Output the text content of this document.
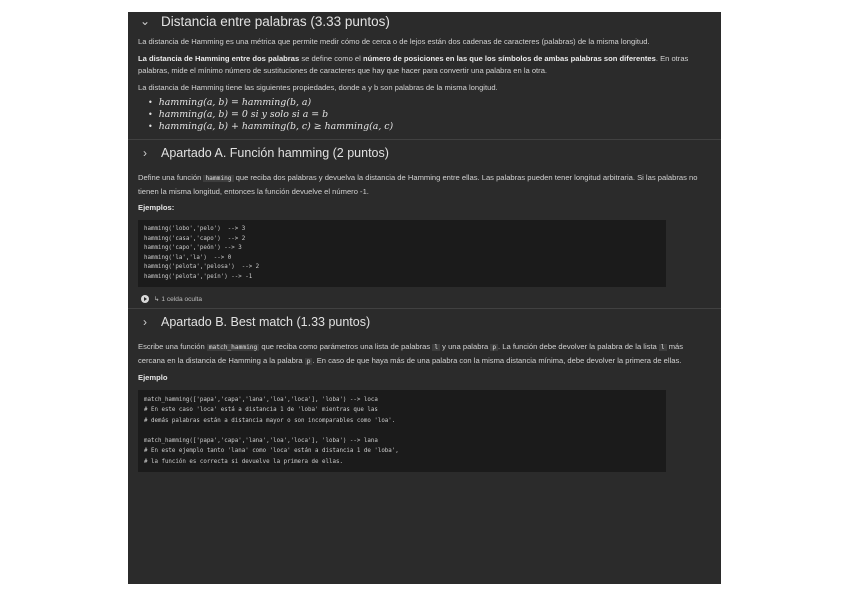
⌄ Distancia entre palabras (3.33 puntos)

La distancia de Hamming es una métrica que permite medir cómo de cerca o de lejos están dos cadenas de caracteres (palabras) de la misma longitud.

La distancia de Hamming entre dos palabras se define como el número de posiciones en las que los símbolos de ambas palabras son diferentes. En otras palabras, mide el mínimo número de sustituciones de caracteres que hay que hacer para convertir una palabra en la otra.

La distancia de Hamming tiene las siguientes propiedades, donde a y b son palabras de la misma longitud.

• hamming(a, b) = hamming(b, a)
• hamming(a, b) = 0 si y solo si a = b
• hamming(a, b) + hamming(b, c) ≥ hamming(a, c)
›	Apartado A. Función hamming (2 puntos)

Define una función hamming que reciba dos palabras y devuelva la distancia de Hamming entre ellas. Las palabras pueden tener longitud arbitraria. Si las palabras no tienen la misma longitud, entonces la función devuelve el número -1.

Ejemplos:
hamming('lobo','pelo')  --> 3
hamming('casa','capo')  --> 2
hamming('capo','peón') --> 3
hamming('la','la')  --> 0
hamming('pelota','pelosa')  --> 2
hamming('pelota','peín') --> -1
↳ 1 celda oculta
›	Apartado B. Best match (1.33 puntos)

Escribe una función match_hamming que reciba como parámetros una lista de palabras l y una palabra p . La función debe devolver la palabra de la lista l más cercana en la distancia de Hamming a la palabra p . En caso de que haya más de una palabra con la misma distancia mínima, debe devolver la primera de ellas.

Ejemplo
match_hamming(['papa','capa','lana','loa','loca'], 'loba') --> loca
# En este caso 'loca' está a distancia 1 de 'loba' mientras que las
# demás palabras están a distancia mayor o son incomparables como 'loa'.
match_hamming(['papa','capa','lana','loa','loca'], 'loba') --> lana
# En este ejemplo tanto 'lana' como 'loca' están a distancia 1 de 'loba',
# la función es correcta si devuelve la primera de ellas.
